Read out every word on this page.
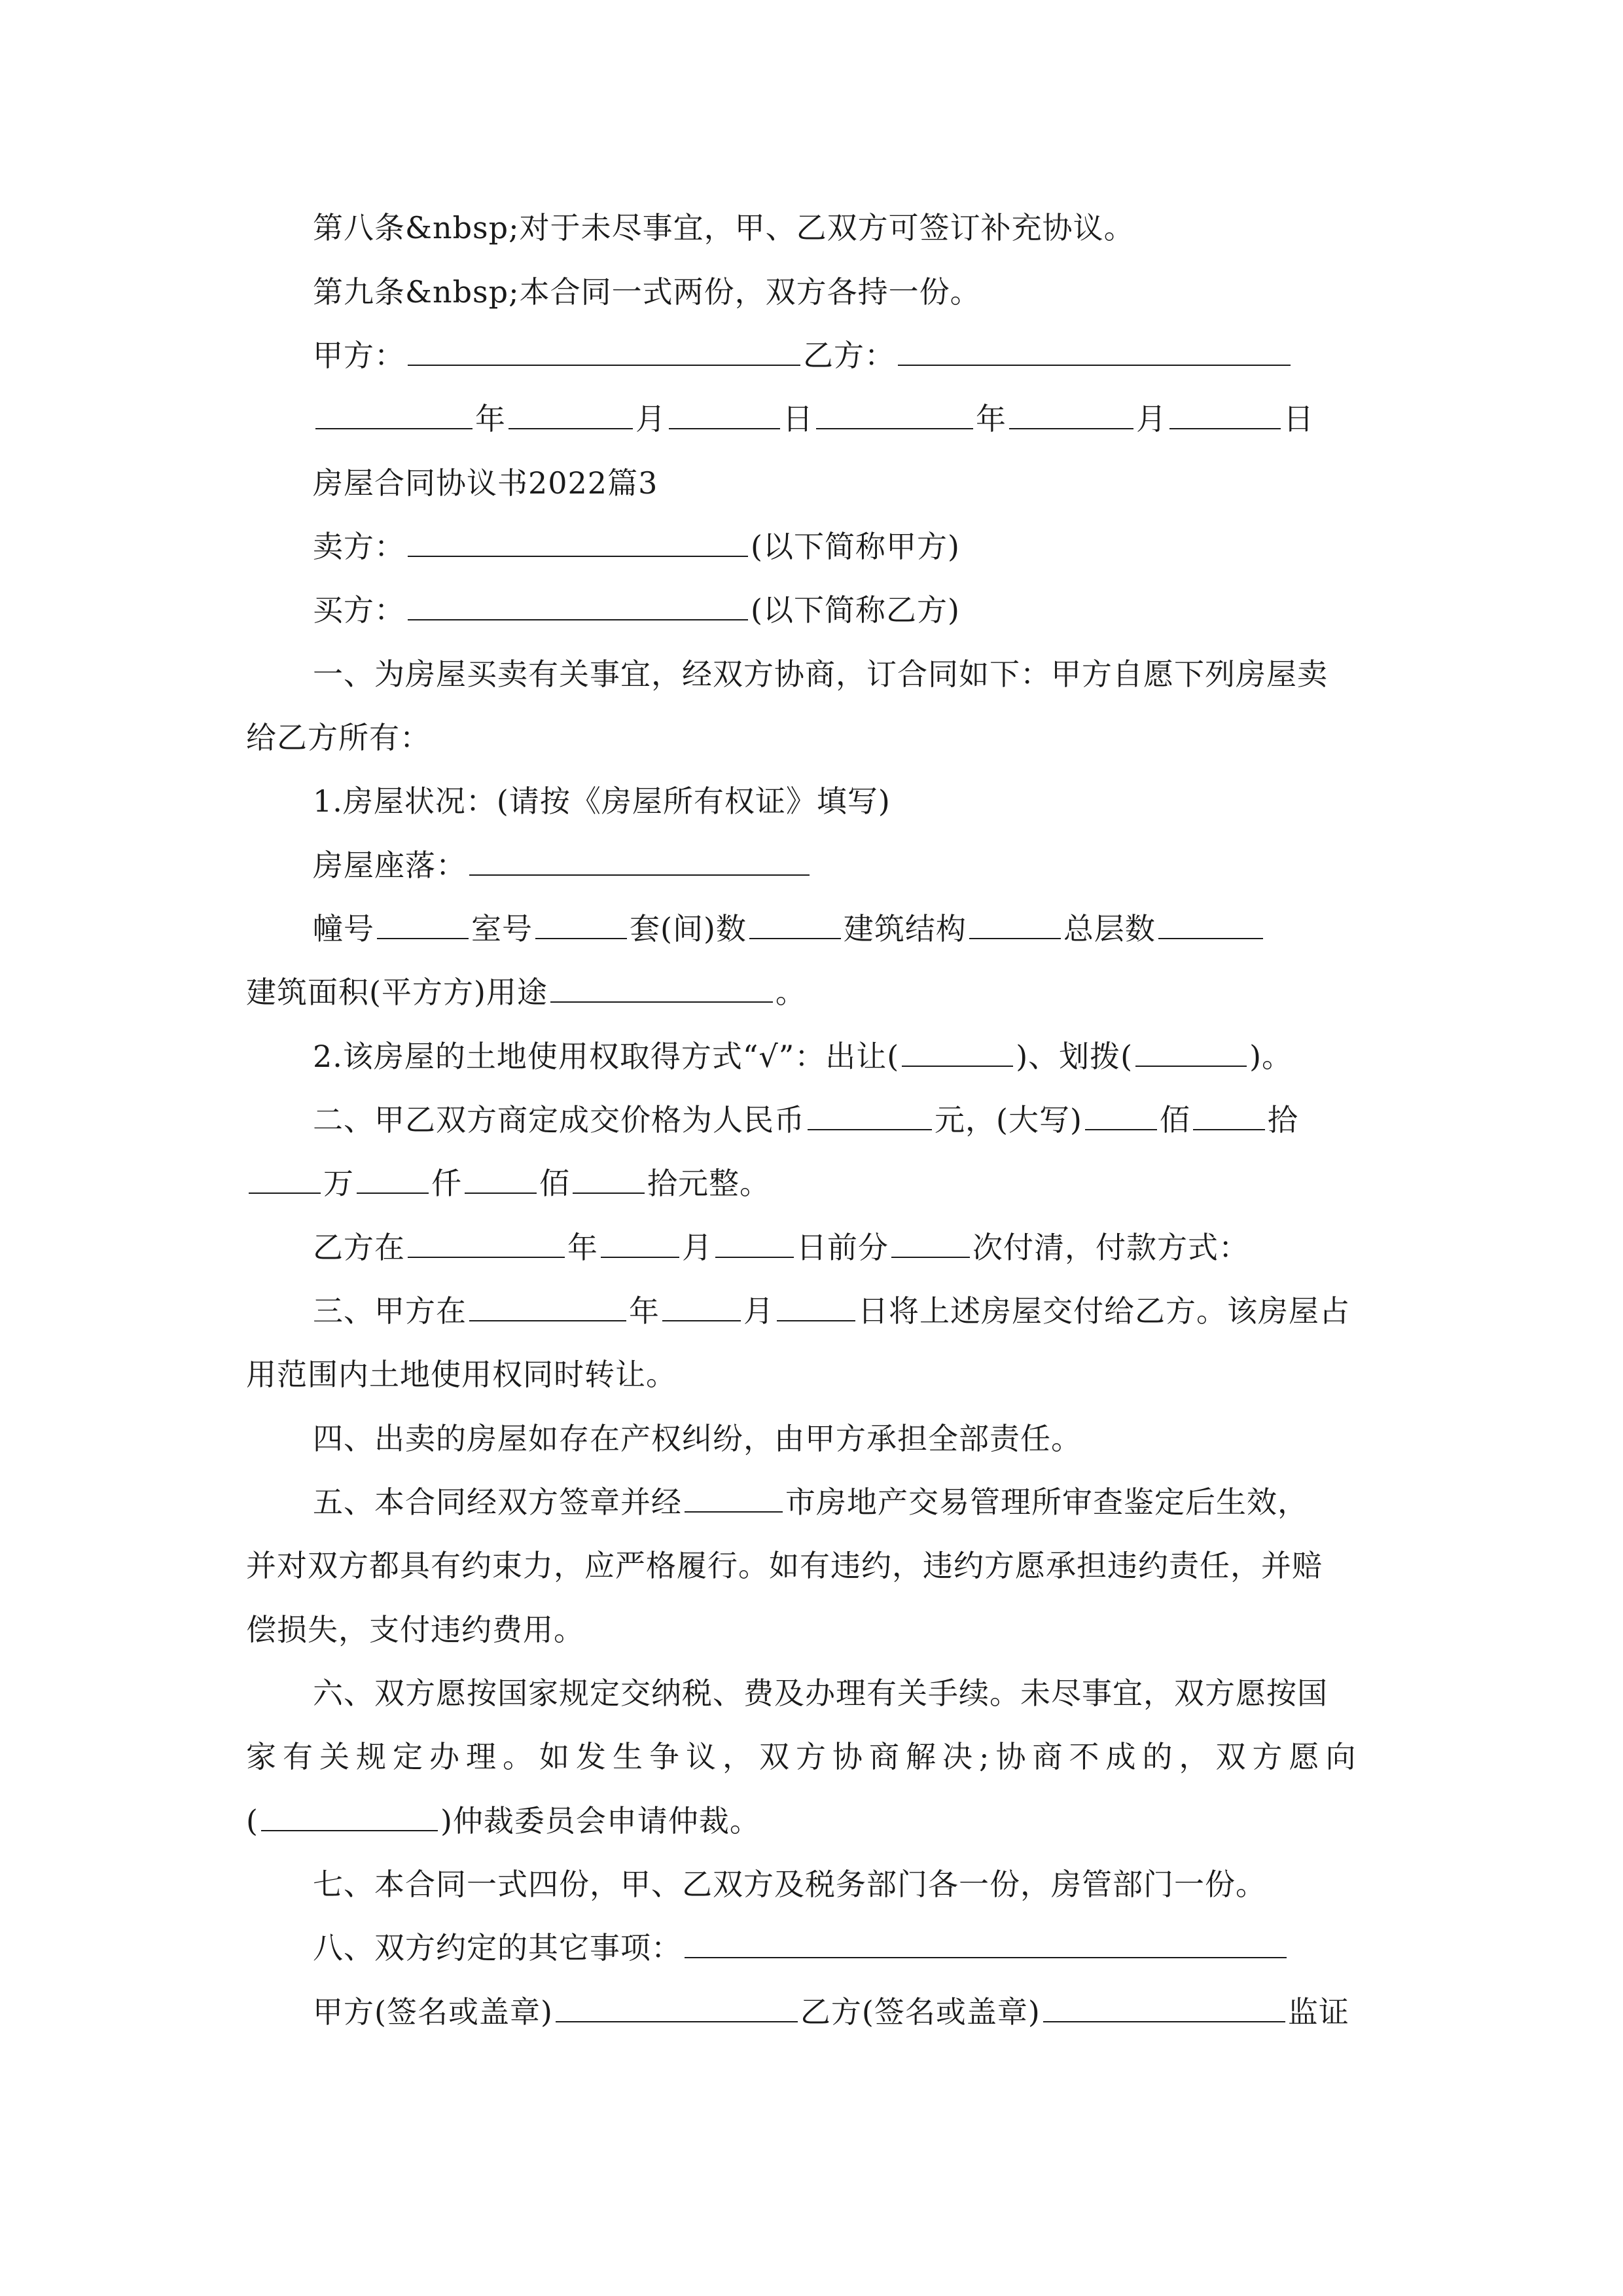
第八条&nbsp;对于未尽事宜，甲、乙双方可签订补充协议。
第九条&nbsp;本合同一式两份，双方各持一份。
甲方：	乙方：
年	月	日	年	月	日
房屋合同协议书2022篇3
卖方：	(以下简称甲方)
买方：	(以下简称乙方)
一、为房屋买卖有关事宜，经双方协商，订合同如下：甲方自愿下列房屋卖
给乙方所有：
1.房屋状况：(请按《房屋所有权证》填写)
房屋座落：
幢号	室号	套(间)数	建筑结构	总层数
建筑面积(平方方)用途	。
2.该房屋的土地使用权取得方式“√”：出让(	)、划拨(	)。
二、甲乙双方商定成交价格为人民币	元，(大写)	佰	拾
万	仟	佰	拾元整。
乙方在	年	月	日前分	次付清，付款方式：
三、甲方在	年	月	日将上述房屋交付给乙方。该房屋占
用范围内土地使用权同时转让。
四、出卖的房屋如存在产权纠纷，由甲方承担全部责任。
五、本合同经双方签章并经	市房地产交易管理所审查鉴定后生效，
并对双方都具有约束力，应严格履行。如有违约，违约方愿承担违约责任，并赔
偿损失，支付违约费用。
六、双方愿按国家规定交纳税、费及办理有关手续。未尽事宜，双方愿按国
家有关规定办理。如发生争议，双方协商解决;协商不成的，双方愿向
(	)仲裁委员会申请仲裁。
七、本合同一式四份，甲、乙双方及税务部门各一份，房管部门一份。
八、双方约定的其它事项：
甲方(签名或盖章)	乙方(签名或盖章)	监证
